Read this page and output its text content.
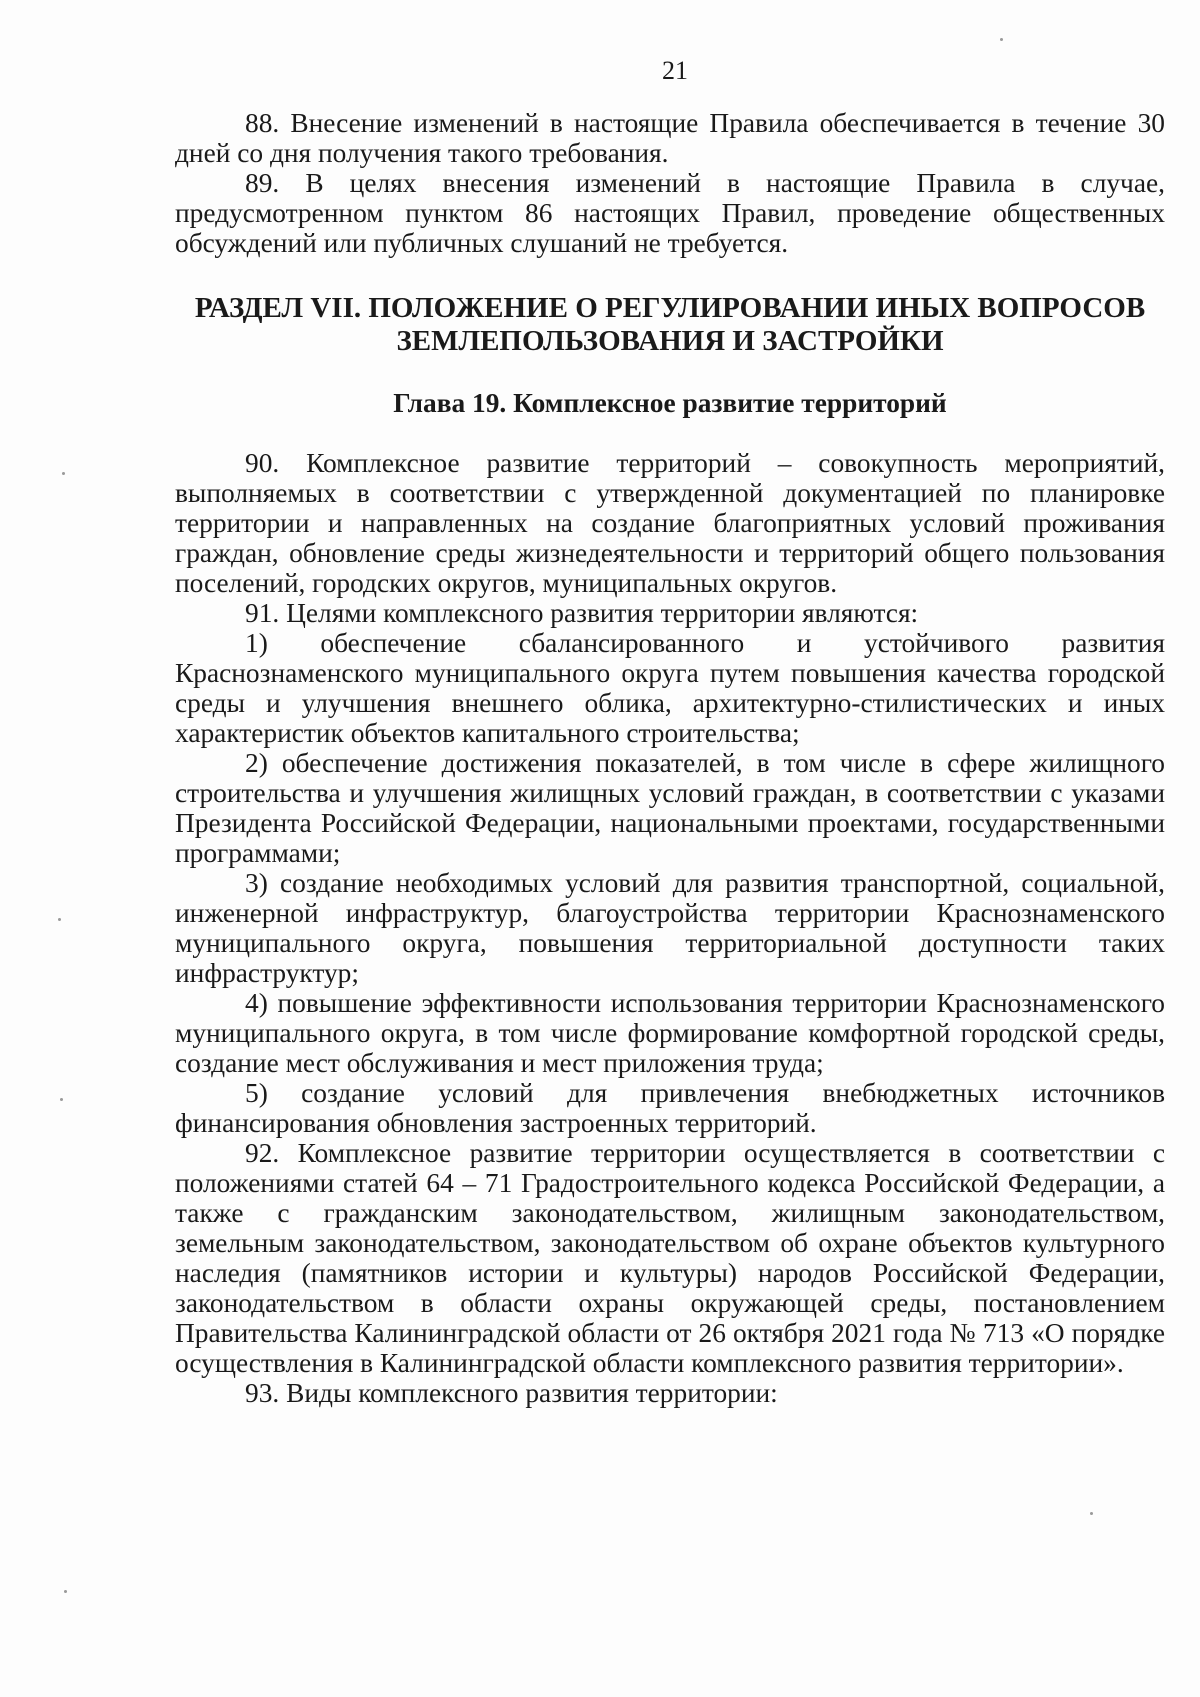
21

88. Внесение изменений в настоящие Правила обеспечивается в течение 30 дней со дня получения такого требования.

89. В целях внесения изменений в настоящие Правила в случае, предусмотренном пунктом 86 настоящих Правил, проведение общественных обсуждений или публичных слушаний не требуется.

РАЗДЕЛ VII. ПОЛОЖЕНИЕ О РЕГУЛИРОВАНИИ ИНЫХ ВОПРОСОВ
ЗЕМЛЕПОЛЬЗОВАНИЯ И ЗАСТРОЙКИ
Глава 19. Комплексное развитие территорий

90. Комплексное развитие территорий – совокупность мероприятий, выполняемых в соответствии с утвержденной документацией по планировке территории и направленных на создание благоприятных условий проживания граждан, обновление среды жизнедеятельности и территорий общего пользования поселений, городских округов, муниципальных округов.

91. Целями комплексного развития территории являются:

1) обеспечение сбалансированного и устойчивого развития Краснознаменского муниципального округа путем повышения качества городской среды и улучшения внешнего облика, архитектурно-стилистических и иных характеристик объектов капитального строительства;

2) обеспечение достижения показателей, в том числе в сфере жилищного строительства и улучшения жилищных условий граждан, в соответствии с указами Президента Российской Федерации, национальными проектами, государственными программами;

3) создание необходимых условий для развития транспортной, социальной, инженерной инфраструктур, благоустройства территории Краснознаменского муниципального округа, повышения территориальной доступности таких инфраструктур;

4) повышение эффективности использования территории Краснознаменского муниципального округа, в том числе формирование комфортной городской среды, создание мест обслуживания и мест приложения труда;

5) создание условий для привлечения внебюджетных источников финансирования обновления застроенных территорий.

92. Комплексное развитие территории осуществляется в соответствии с положениями статей 64 – 71 Градостроительного кодекса Российской Федерации, а также с гражданским законодательством, жилищным законодательством, земельным законодательством, законодательством об охране объектов культурного наследия (памятников истории и культуры) народов Российской Федерации, законодательством в области охраны окружающей среды, постановлением Правительства Калининградской области от 26 октября 2021 года № 713 «О порядке осуществления в Калининградской области комплексного развития территории».

93. Виды комплексного развития территории:
